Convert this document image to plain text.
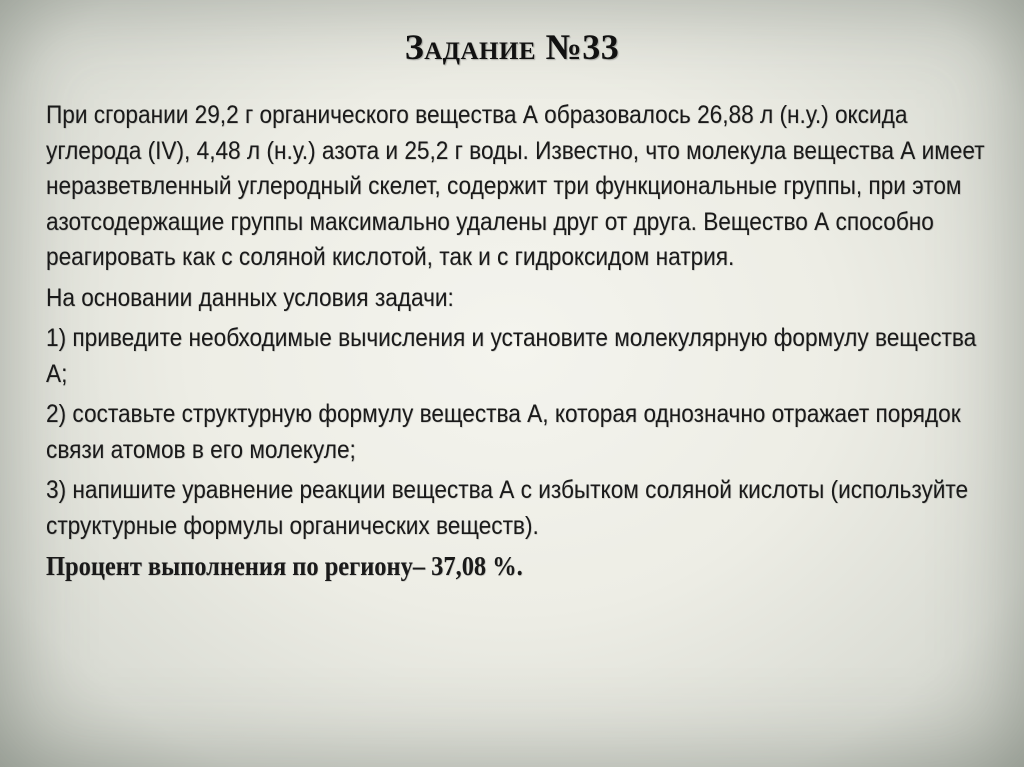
Задание №33

При сгорании 29,2 г органического вещества А образовалось 26,88 л (н.у.) оксида углерода (IV), 4,48 л (н.у.) азота и 25,2 г воды. Известно, что молекула вещества А имеет неразветвленный углеродный скелет, содержит три функциональные группы, при этом азотсодержащие группы максимально удалены друг от друга. Вещество А способно реагировать как с соляной кислотой, так и с гидроксидом натрия.

На основании данных условия задачи:

1) приведите необходимые вычисления и установите молекулярную формулу вещества А;

2) составьте структурную формулу вещества А, которая однозначно отражает порядок связи атомов в его молекуле;

3) напишите уравнение реакции вещества А с избытком соляной кислоты (используйте структурные формулы органических веществ).

Процент выполнения по региону– 37,08 %.
